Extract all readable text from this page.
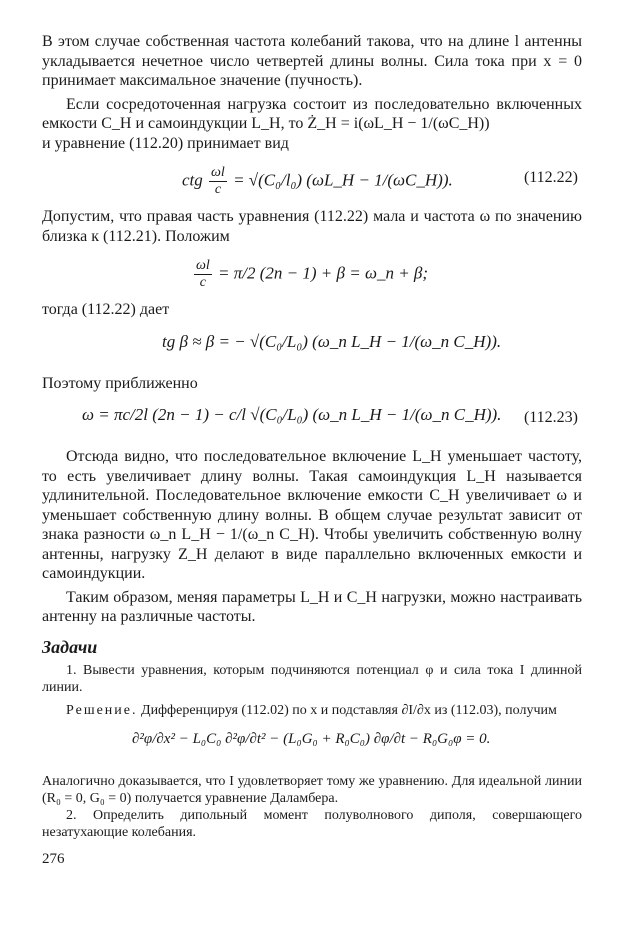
В этом случае собственная частота колебаний такова, что на длине l антенны укладывается нечетное число четвертей длины волны. Сила тока при x = 0 принимает максимальное значение (пучность).

Если сосредоточенная нагрузка состоит из последовательно включенных емкости C_H и самоиндукции L_H, то Ż_H = i(ωL_H − 1/(ωC_H))

и уравнение (112.20) принимает вид

ctg $\frac{\omega l}{c} = √(C_0/l_0)$ (ωL_H − 1/(ωC_H)).	(112.22)

Допустим, что правая часть уравнения (112.22) мала и частота ω по значению близка к (112.21). Положим

$\frac{\omega l}{c} = \pi/2$ (2n − 1) + β = ω_n + β;

тогда (112.22) дает

tg β ≈ β = − √(C₀/L₀) (ω_n L_H − 1/(ω_n C_H)).

Поэтому приближенно

ω = πc/2l (2n − 1) − c/l √(C₀/L₀) (ω_n L_H − 1/(ω_n C_H)). (112.23)

Отсюда видно, что последовательное включение L_H уменьшает частоту, то есть увеличивает длину волны. Такая самоиндукция L_H называется удлинительной. Последовательное включение емкости C_H увеличивает ω и уменьшает собственную длину волны. В общем случае результат зависит от знака разности ω_n L_H − 1/(ω_n C_H). Чтобы увеличить собственную волну антенны, нагрузку Z_H делают в виде параллельно включенных емкости и самоиндукции.

Таким образом, меняя параметры L_H и C_H нагрузки, можно настраивать антенну на различные частоты.

Задачи

1. Вывести уравнения, которым подчиняются потенциал φ и сила тока I длинной линии.

Решение. Дифференцируя (112.02) по x и подставляя ∂I/∂x из (112.03), получим

∂²φ/∂x² − L₀C₀ ∂²φ/∂t² − (L₀G₀ + R₀C₀) ∂φ/∂t − R₀G₀φ = 0.

Аналогично доказывается, что I удовлетворяет тому же уравнению. Для идеальной линии (R₀ = 0, G₀ = 0) получается уравнение Даламбера.

2. Определить дипольный момент полуволнового диполя, совершающего незатухающие колебания.

276
